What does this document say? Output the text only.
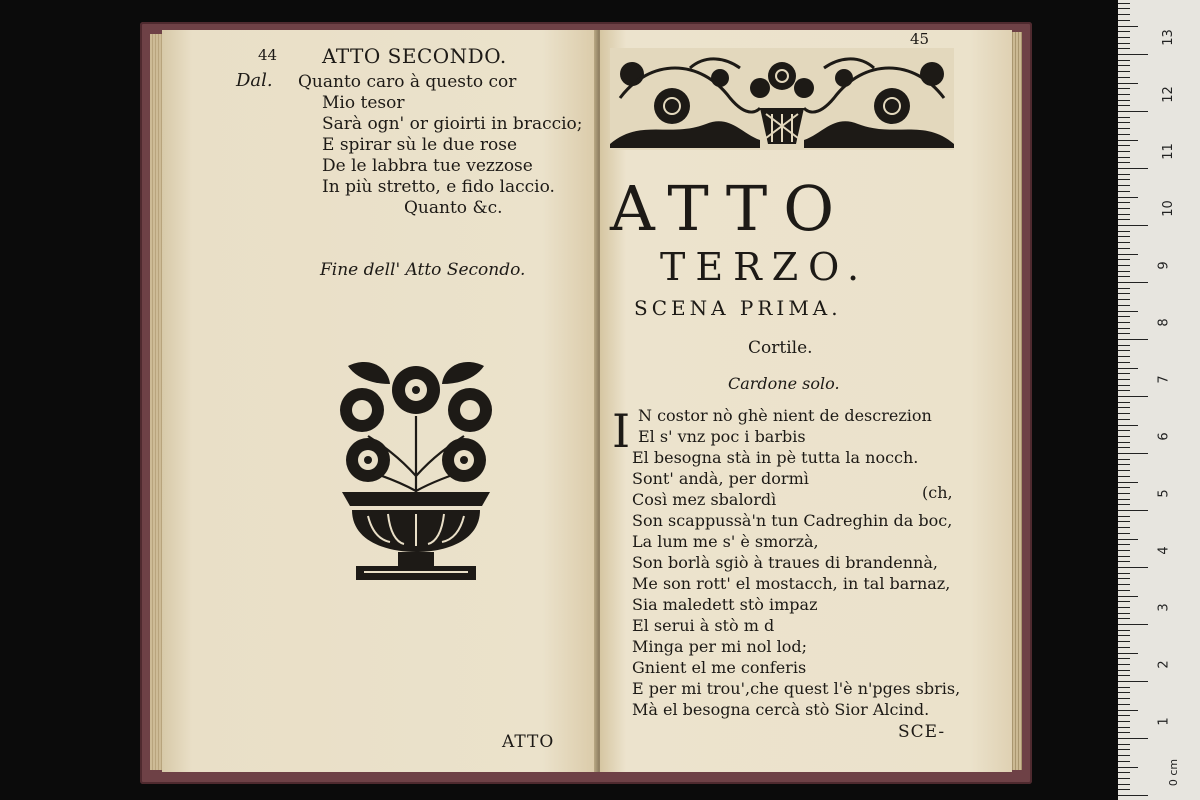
44 ATTO SECONDO.
Dal. Quanto caro à questo cor
Mio tesor
Sarà ogn' or gioirti in braccio;
E spirar sù le due rose
De le labbra tue vezzose
In più stretto, e fido laccio.
Quanto &c.
Fine dell' Atto Secondo.
ATTO
45
ATTO
TERZO.
SCENA PRIMA.
Cortile.
Cardone solo.
I N costor nò ghè nient de descrezion
El s' vnz poc i barbis
El besogna stà in pè tutta la nocch.
Sont' andà, per dormì
Così mez sbalordì	(ch,
Son scappussà'n tun Cadreghin da boc,
La lum me s' è smorzà,
Son borlà sgiò à traues di brandennà,
Me son rott' el mostacch, in tal barnaz,
Sia maledett stò impaz
El serui à stò m d
Minga per mi nol lod;
Gnient el me conferis
E per mi trou',che quest l'è n'pges sbris,
Mà el besogna cercà stò Sior Alcind.
SCE-
13
12
11
10
9
8
7
6
5
4
3
2
1
0 cm
